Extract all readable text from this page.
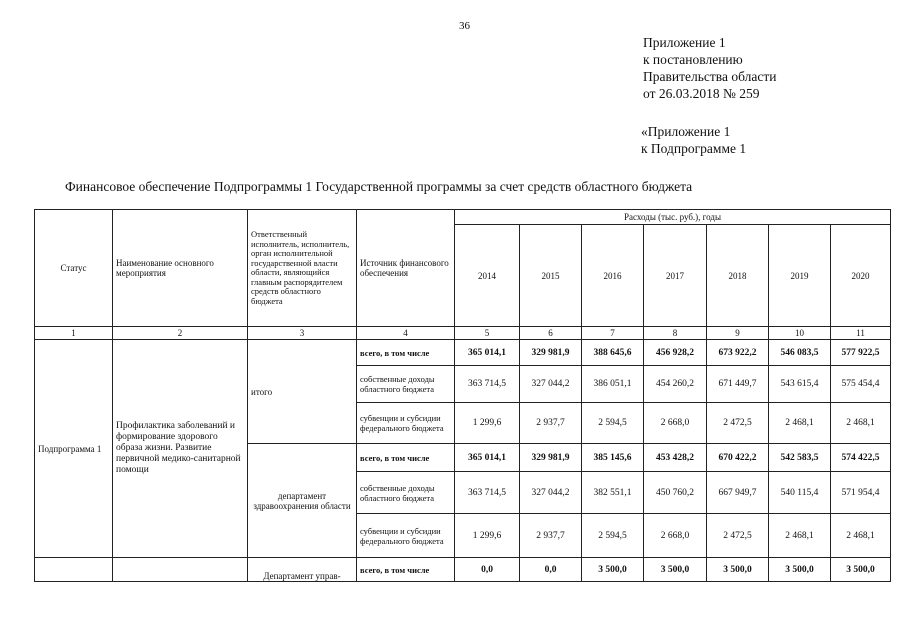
36
Приложение 1
к постановлению
Правительства области
от 26.03.2018 № 259
«Приложение 1
к Подпрограмме 1
Финансовое обеспечение Подпрограммы 1 Государственной программы за счет средств областного бюджета
Статус	Наименование основного мероприятия	Ответственный исполнитель, исполнитель, орган исполнительной государственной власти области, являющийся главным распорядителем средств областного бюджета	Источник финансового обеспечения	Расходы (тыс. руб.), годы						
				2014	2015	2016	2017	2018	2019	2020
1	2	3	4	5	6	7	8	9	10	11
Подпрограмма 1	Профилактика заболеваний и формирование здорового образа жизни. Развитие первичной медико-санитарной помощи	итого	всего, в том числе	365 014,1	329 981,9	388 645,6	456 928,2	673 922,2	546 083,5	577 922,5
			собственные доходы областного бюджета	363 714,5	327 044,2	386 051,1	454 260,2	671 449,7	543 615,4	575 454,4
			субвенции и субсидии федерального бюджета	1 299,6	2 937,7	2 594,5	2 668,0	2 472,5	2 468,1	2 468,1
		департамент здравоохранения области	всего, в том числе	365 014,1	329 981,9	385 145,6	453 428,2	670 422,2	542 583,5	574 422,5
			собственные доходы областного бюджета	363 714,5	327 044,2	382 551,1	450 760,2	667 949,7	540 115,4	571 954,4
			субвенции и субсидии федерального бюджета	1 299,6	2 937,7	2 594,5	2 668,0	2 472,5	2 468,1	2 468,1
		Департамент управ-	всего, в том числе	0,0	0,0	3 500,0	3 500,0	3 500,0	3 500,0	3 500,0
